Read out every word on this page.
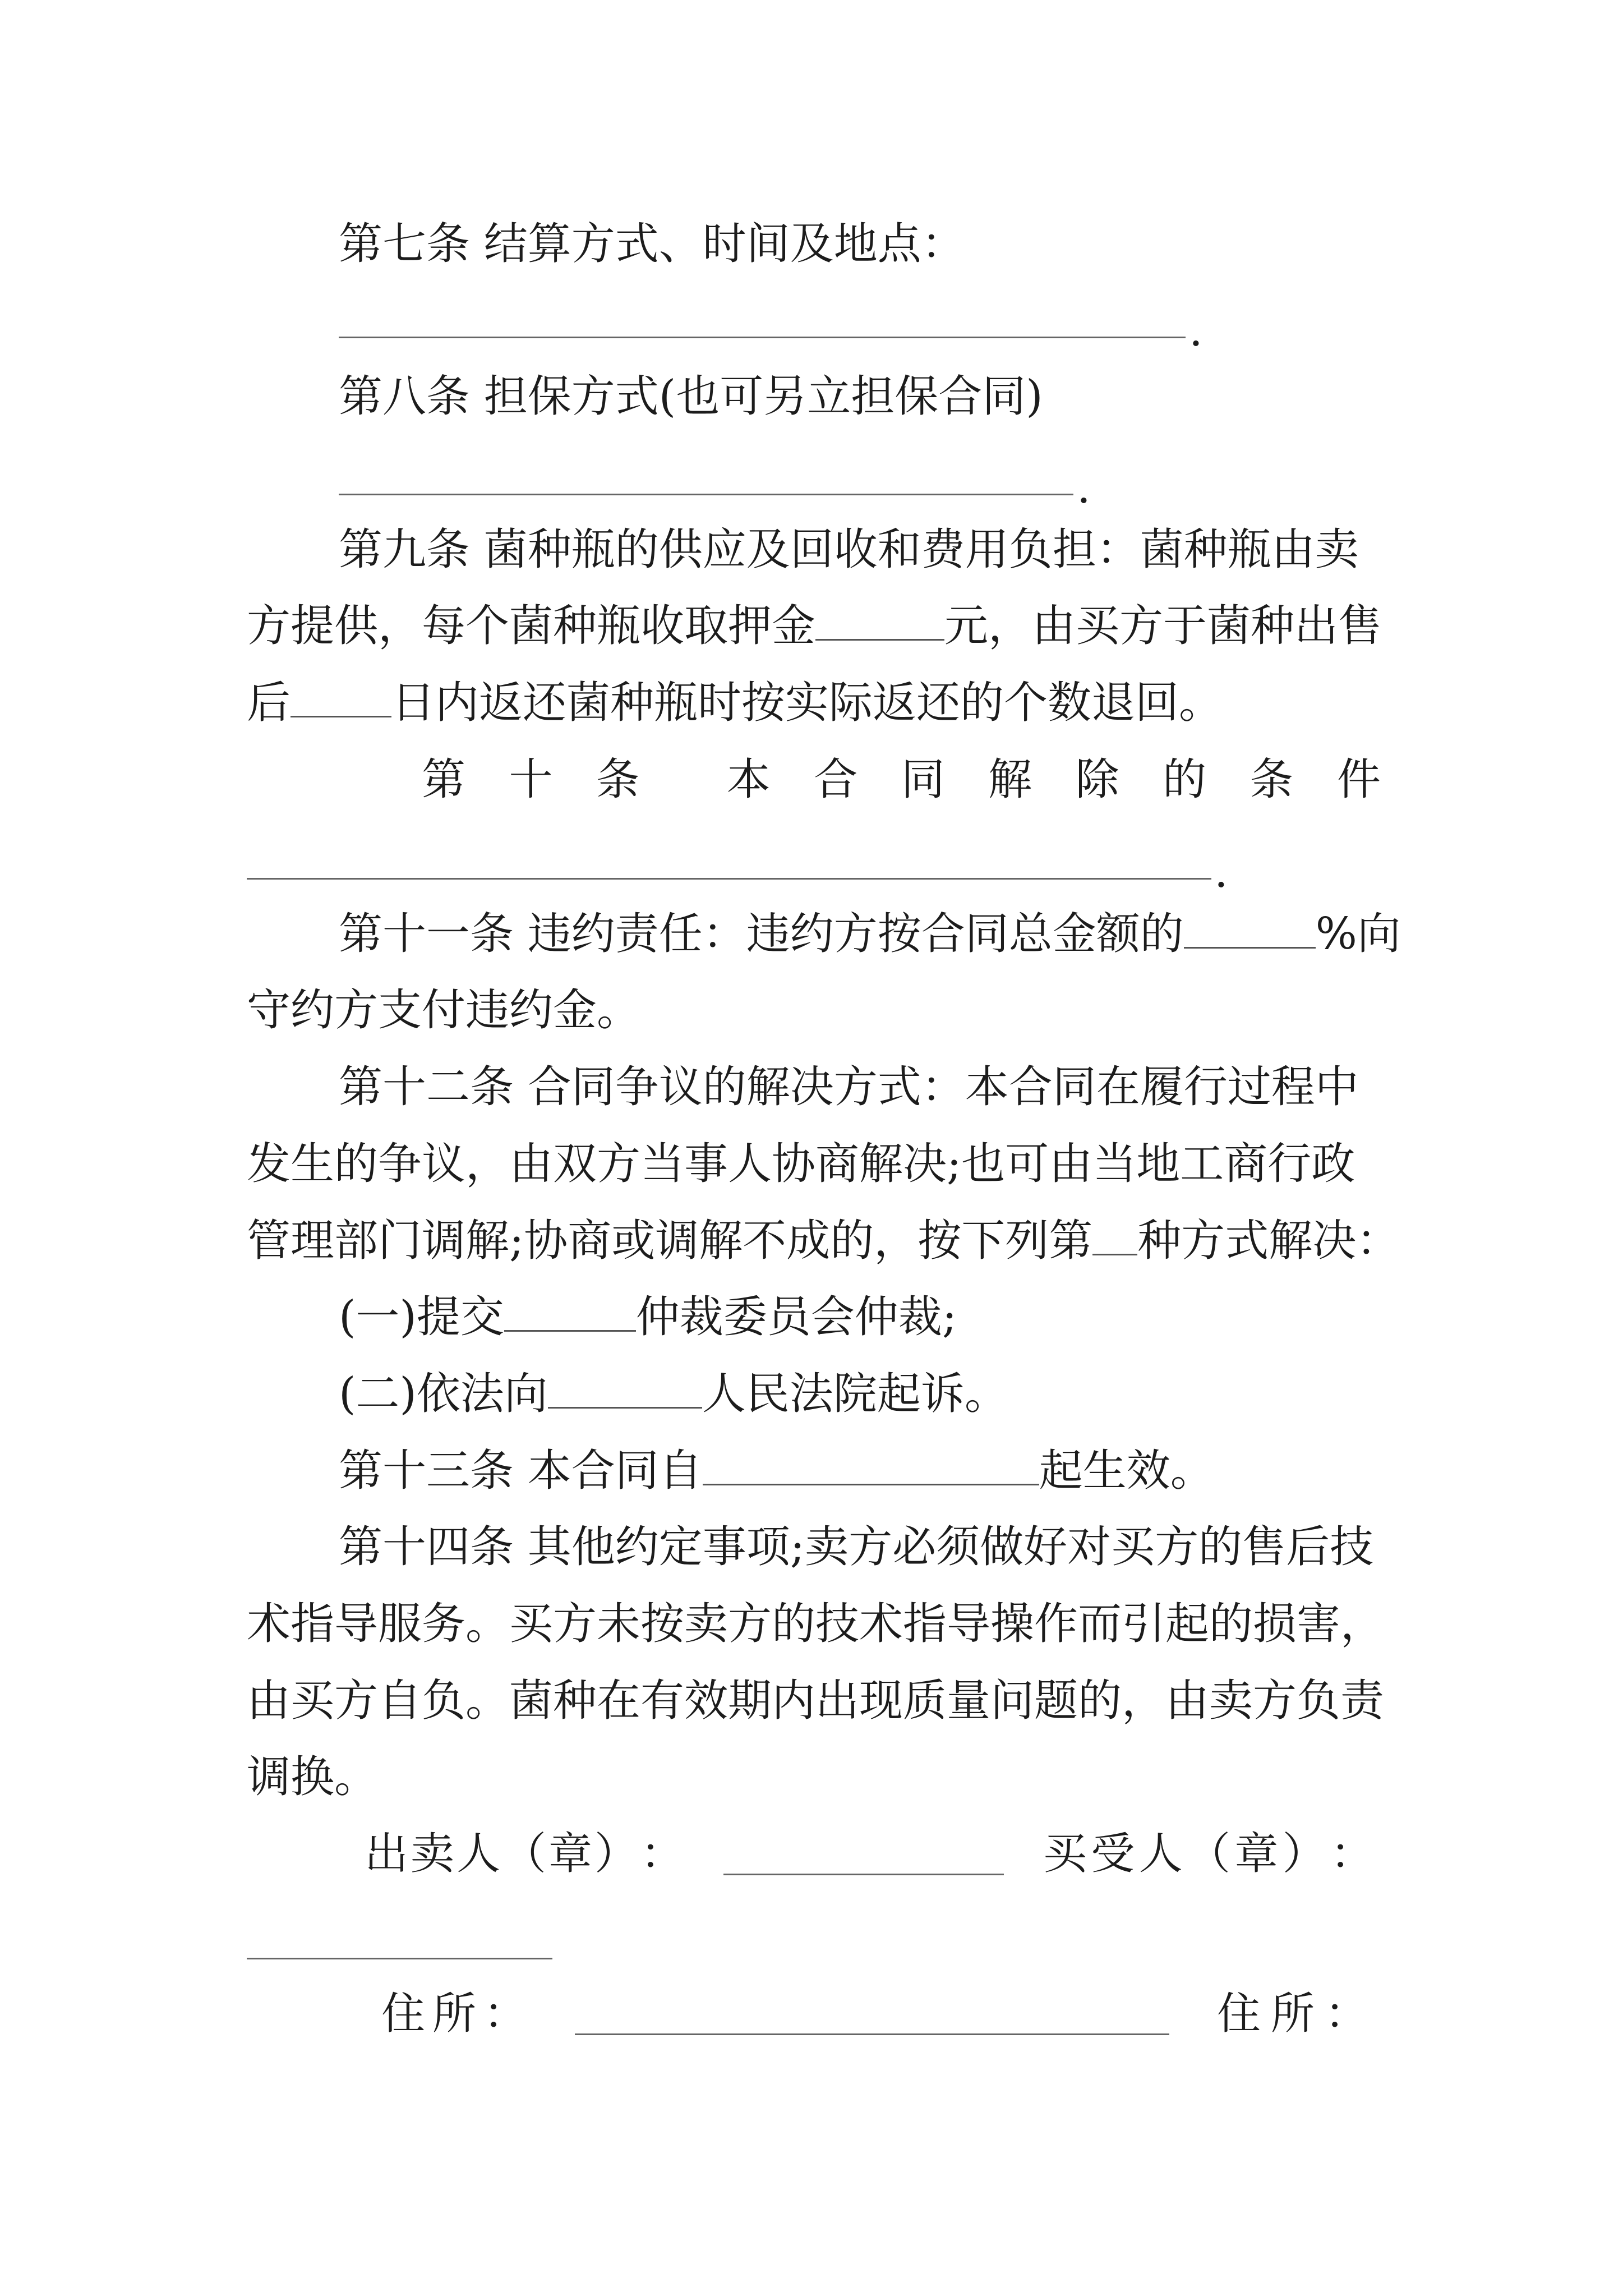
第七条 结算方式、时间及地点：
.
第八条 担保方式(也可另立担保合同)
.
第九条 菌种瓶的供应及回收和费用负担：菌种瓶由卖
方提供，每个菌种瓶收取押金	元，由买方于菌种出售
后 日内返还菌种瓶时按实际返还的个数退回。
第 十 条 本 合 同 解 除 的 条 件
.
第十一条 违约责任：违约方按合同总金额的	%向
守约方支付违约金。
第十二条 合同争议的解决方式：本合同在履行过程中
发生的争议，由双方当事人协商解决;也可由当地工商行政
管理部门调解;协商或调解不成的，按下列第 种方式解决：
(一)提交	仲裁委员会仲裁;
(二)依法向	人民法院起诉。
第十三条 本合同自	起生效。
第十四条 其他约定事项;卖方必须做好对买方的售后技
术指导服务。买方未按卖方的技术指导操作而引起的损害，
由买方自负。菌种在有效期内出现质量问题的，由卖方负责
调换。
出 卖 人 （ 章 ） ：	买 受 人 （ 章 ） ：
住 所 ：	住 所 ：
